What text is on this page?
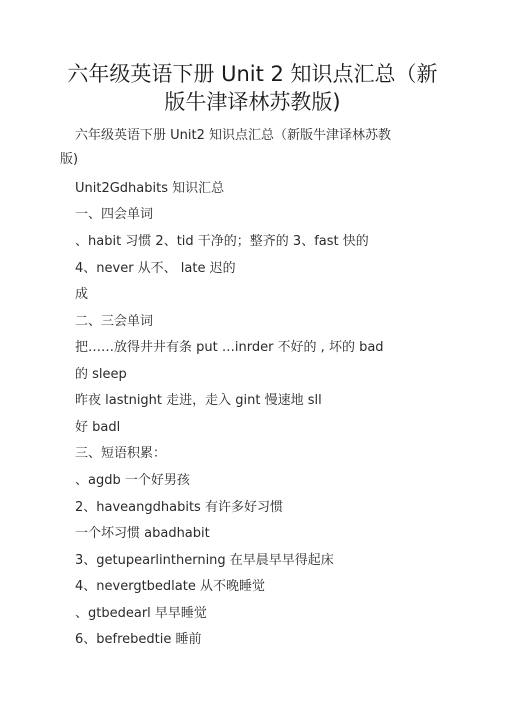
六年级英语下册 Unit 2 知识点汇总（新
版牛津译林苏教版)
六年级英语下册 Unit2 知识点汇总（新版牛津译林苏教
版)
Unit2Gdhabits 知识汇总
一、四会单词
、habit 习惯 2、tid 干净的；整齐的 3、fast 快的
4、never 从不、 late 迟的
成
二、三会单词
把……放得井井有条 put …inrder 不好的 , 坏的 bad
的 sleep
昨夜 lastnight 走进，走入 gint 慢速地 sll
好 badl
三、短语积累：
、agdb 一个好男孩
2、haveangdhabits 有许多好习惯
一个坏习惯 abadhabit
3、getupearlintherning 在早晨早早得起床
4、nevergtbedlate 从不晚睡觉
、gtbedearl 早早睡觉
6、befrebedtie 睡前
